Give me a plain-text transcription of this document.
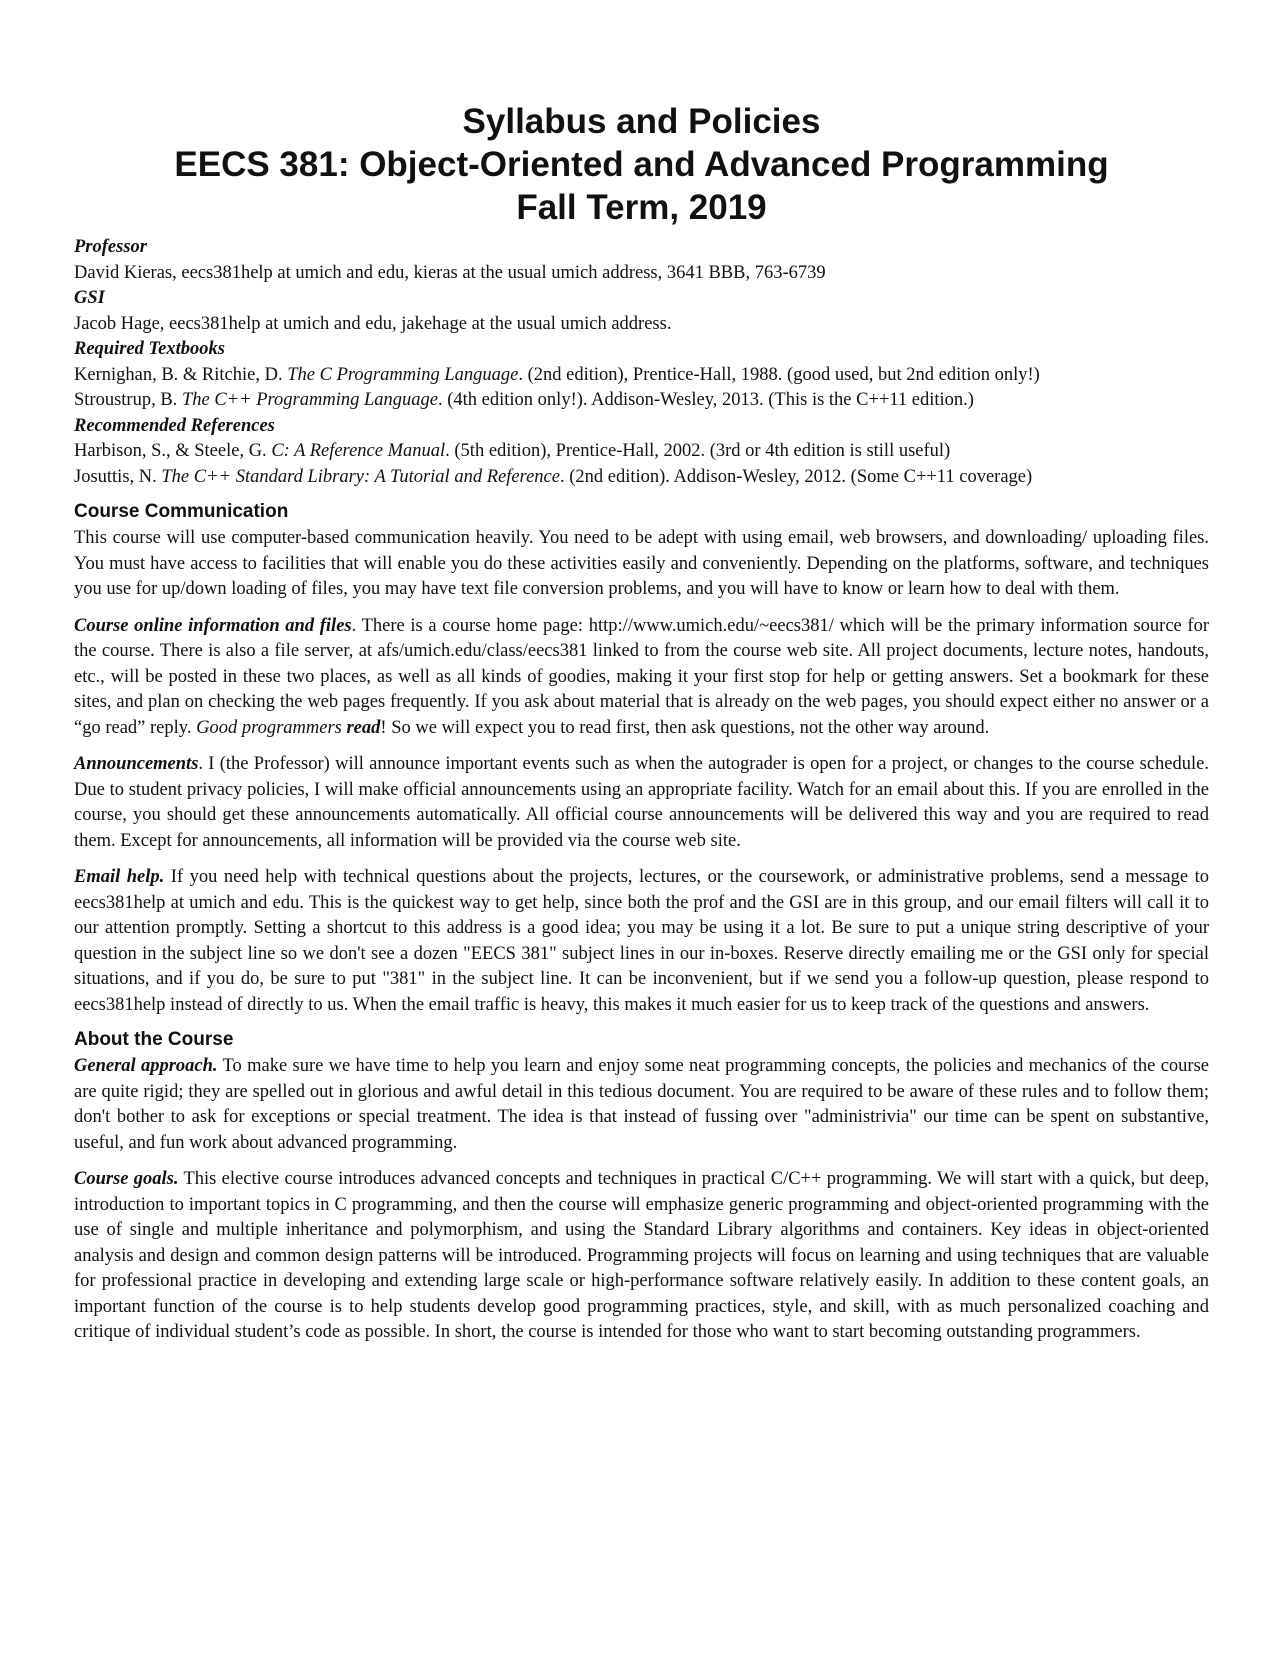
Syllabus and Policies
EECS 381: Object-Oriented and Advanced Programming
Fall Term, 2019
Professor
David Kieras, eecs381help at umich and edu, kieras at the usual umich address, 3641 BBB, 763-6739
GSI
Jacob Hage, eecs381help at umich and edu, jakehage at the usual umich address.
Required Textbooks
Kernighan, B. & Ritchie, D. The C Programming Language. (2nd edition), Prentice-Hall, 1988. (good used, but 2nd edition only!)
Stroustrup, B. The C++ Programming Language. (4th edition only!). Addison-Wesley, 2013. (This is the C++11 edition.)
Recommended References
Harbison, S., & Steele, G. C: A Reference Manual. (5th edition), Prentice-Hall, 2002. (3rd or 4th edition is still useful)
Josuttis, N. The C++ Standard Library: A Tutorial and Reference. (2nd edition). Addison-Wesley, 2012. (Some C++11 coverage)
Course Communication

This course will use computer-based communication heavily. You need to be adept with using email, web browsers, and downloading/ uploading files. You must have access to facilities that will enable you do these activities easily and conveniently. Depending on the platforms, software, and techniques you use for up/down loading of files, you may have text file conversion problems, and you will have to know or learn how to deal with them.

Course online information and files. There is a course home page: http://www.umich.edu/~eecs381/ which will be the primary information source for the course. There is also a file server, at afs/umich.edu/class/eecs381 linked to from the course web site. All project documents, lecture notes, handouts, etc., will be posted in these two places, as well as all kinds of goodies, making it your first stop for help or getting answers. Set a bookmark for these sites, and plan on checking the web pages frequently. If you ask about material that is already on the web pages, you should expect either no answer or a “go read” reply. Good programmers read! So we will expect you to read first, then ask questions, not the other way around.

Announcements. I (the Professor) will announce important events such as when the autograder is open for a project, or changes to the course schedule. Due to student privacy policies, I will make official announcements using an appropriate facility. Watch for an email about this. If you are enrolled in the course, you should get these announcements automatically. All official course announcements will be delivered this way and you are required to read them. Except for announcements, all information will be provided via the course web site.

Email help. If you need help with technical questions about the projects, lectures, or the coursework, or administrative problems, send a message to eecs381help at umich and edu. This is the quickest way to get help, since both the prof and the GSI are in this group, and our email filters will call it to our attention promptly. Setting a shortcut to this address is a good idea; you may be using it a lot. Be sure to put a unique string descriptive of your question in the subject line so we don't see a dozen "EECS 381" subject lines in our in-boxes. Reserve directly emailing me or the GSI only for special situations, and if you do, be sure to put "381" in the subject line. It can be inconvenient, but if we send you a follow-up question, please respond to eecs381help instead of directly to us. When the email traffic is heavy, this makes it much easier for us to keep track of the questions and answers.

About the Course

General approach. To make sure we have time to help you learn and enjoy some neat programming concepts, the policies and mechanics of the course are quite rigid; they are spelled out in glorious and awful detail in this tedious document. You are required to be aware of these rules and to follow them; don't bother to ask for exceptions or special treatment. The idea is that instead of fussing over "administrivia" our time can be spent on substantive, useful, and fun work about advanced programming.

Course goals. This elective course introduces advanced concepts and techniques in practical C/C++ programming. We will start with a quick, but deep, introduction to important topics in C programming, and then the course will emphasize generic programming and object-oriented programming with the use of single and multiple inheritance and polymorphism, and using the Standard Library algorithms and containers. Key ideas in object-oriented analysis and design and common design patterns will be introduced. Programming projects will focus on learning and using techniques that are valuable for professional practice in developing and extending large scale or high-performance software relatively easily. In addition to these content goals, an important function of the course is to help students develop good programming practices, style, and skill, with as much personalized coaching and critique of individual student’s code as possible. In short, the course is intended for those who want to start becoming outstanding programmers.
